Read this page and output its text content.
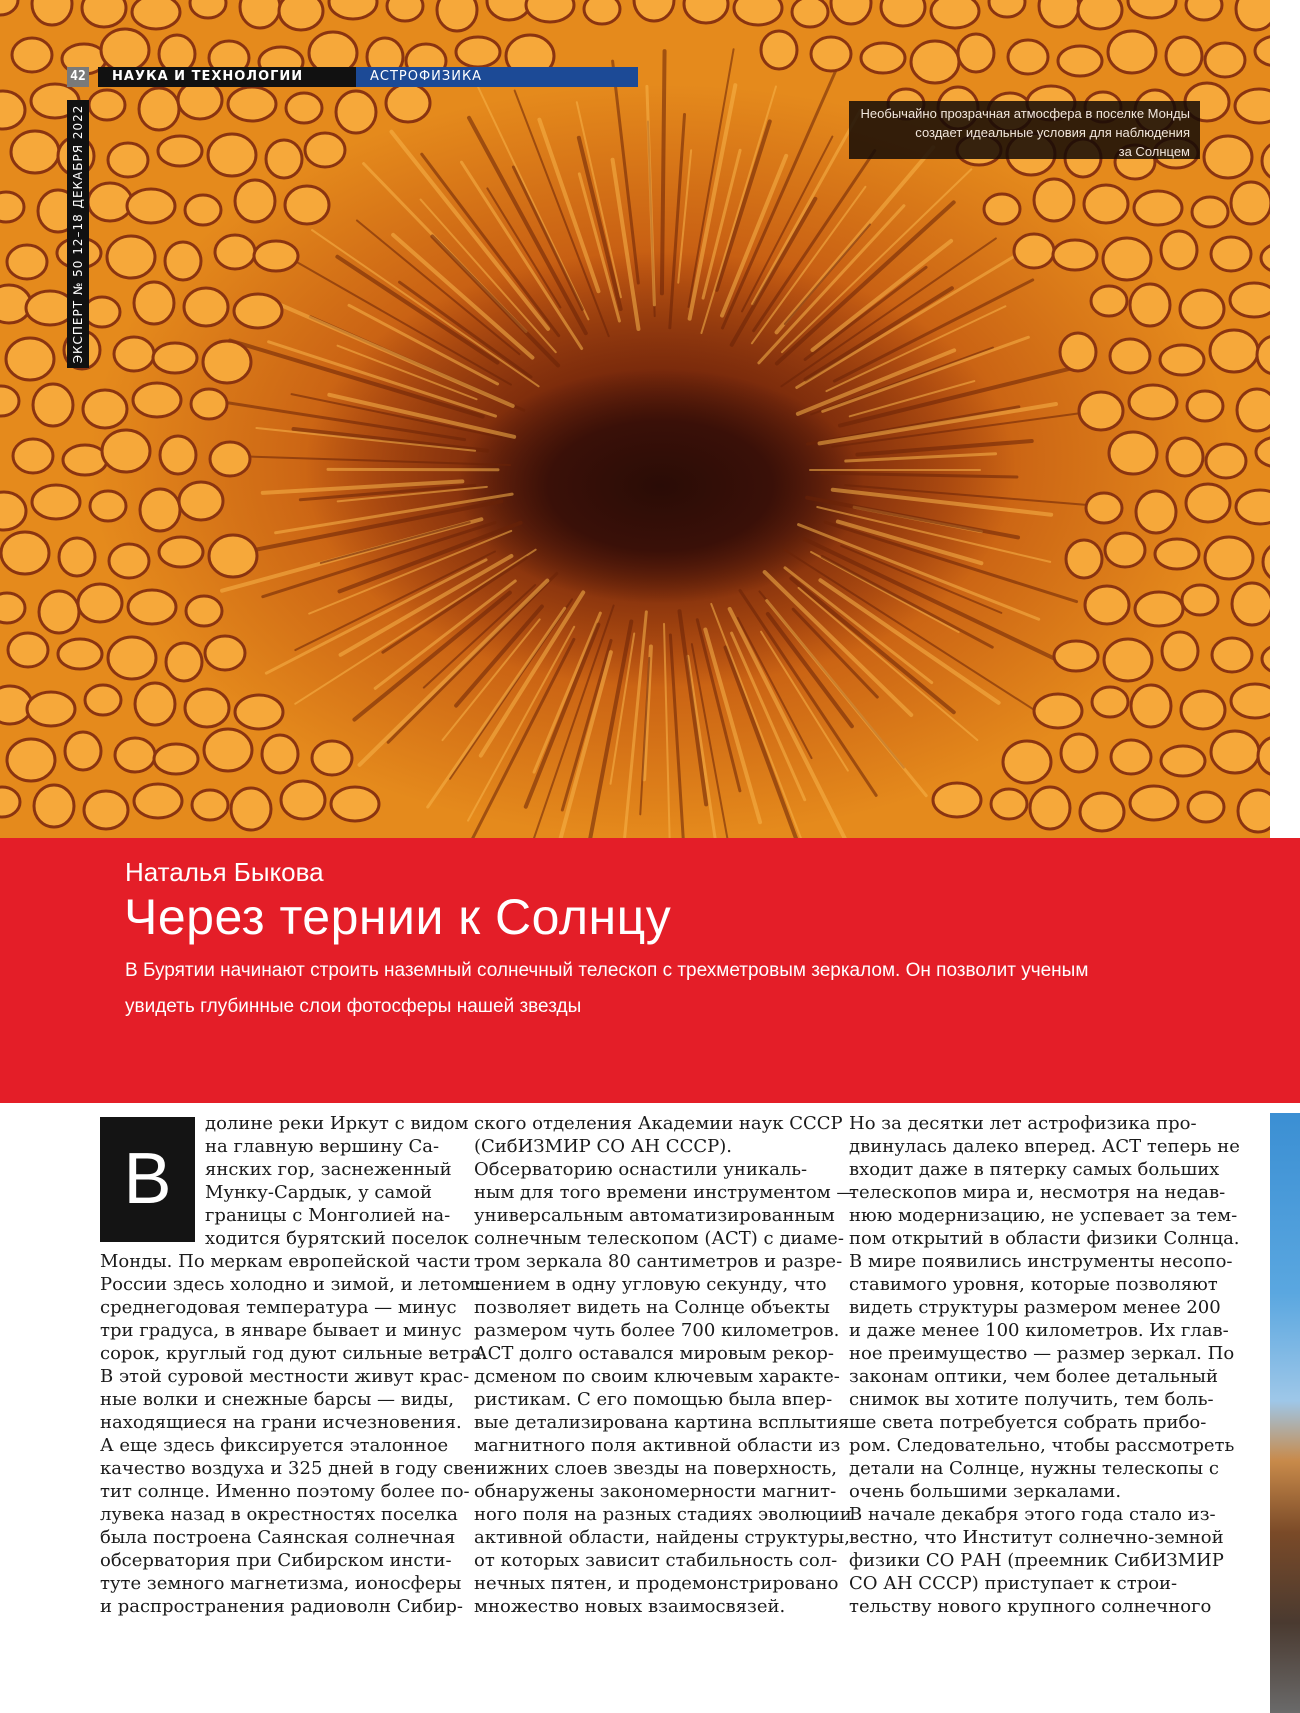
42	НАУКА И ТЕХНОЛОГИИ	АСТРОФИЗИКА
ЭКСПЕРТ № 50 12–18 ДЕКАБРЯ 2022	Необычайно прозрачная атмосфера в поселке Монды
создает идеальные условия для наблюдения
за Солнцем
Наталья Быкова
Через тернии к Солнцу
В Бурятии начинают строить наземный солнечный телескоп с трехметровым зеркалом. Он позволит ученым
увидеть глубинные слои фотосферы нашей звезды
В
долине реки Иркут с видом
на главную вершину Са-
янских гор, заснеженный
Мунку-Сардык, у самой
границы с Монголией на-
ходится бурятский поселок
Монды. По меркам европейской части
России здесь холодно и зимой, и летом:
среднегодовая температура — минус
три градуса, в январе бывает и минус
сорок, круглый год дуют сильные ветра.
В этой суровой местности живут крас-
ные волки и снежные барсы — виды,
находящиеся на грани исчезновения.
А еще здесь фиксируется эталонное
качество воздуха и 325 дней в году све-
тит солнце. Именно поэтому более по-
лувека назад в окрестностях поселка
была построена Саянская солнечная
обсерватория при Сибирском инсти-
туте земного магнетизма, ионосферы
и распространения радиоволн Сибир-
ского отделения Академии наук СССР
(СибИЗМИР СО АН СССР).
Обсерваторию оснастили уникаль-
ным для того времени инструментом —
универсальным автоматизированным
солнечным телескопом (АСТ) с диаме-
тром зеркала 80 сантиметров и разре-
шением в одну угловую секунду, что
позволяет видеть на Солнце объекты
размером чуть более 700 километров.
АСТ долго оставался мировым рекор-
дсменом по своим ключевым характе-
ристикам. С его помощью была впер-
вые детализирована картина всплытия
магнитного поля активной области из
нижних слоев звезды на поверхность,
обнаружены закономерности магнит-
ного поля на разных стадиях эволюции
активной области, найдены структуры,
от которых зависит стабильность сол-
нечных пятен, и продемонстрировано
множество новых взаимосвязей.
Но за десятки лет астрофизика про-
двинулась далеко вперед. АСТ теперь не
входит даже в пятерку самых больших
телескопов мира и, несмотря на недав-
нюю модернизацию, не успевает за тем-
пом открытий в области физики Солнца.
В мире появились инструменты несопо-
ставимого уровня, которые позволяют
видеть структуры размером менее 200
и даже менее 100 километров. Их глав-
ное преимущество — размер зеркал. По
законам оптики, чем более детальный
снимок вы хотите получить, тем боль-
ше света потребуется собрать прибо-
ром. Следовательно, чтобы рассмотреть
детали на Солнце, нужны телескопы с
очень большими зеркалами.
В начале декабря этого года стало из-
вестно, что Институт солнечно-земной
физики СО РАН (преемник СибИЗМИР
СО АН СССР) приступает к строи-
тельству нового крупного солнечного
